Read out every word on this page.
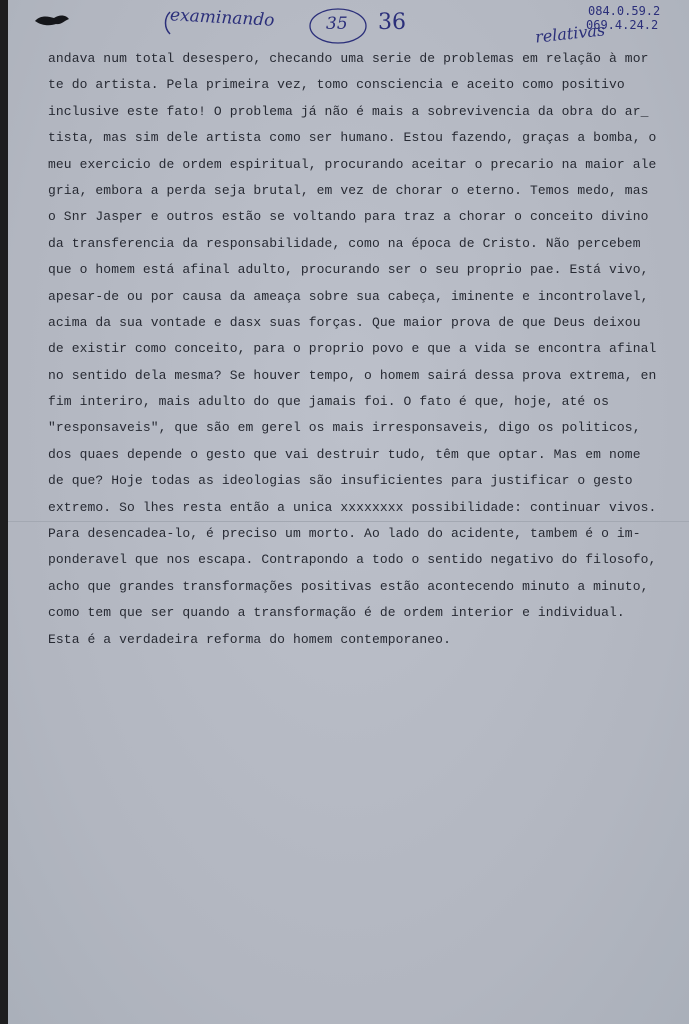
examinando	35 36	084.0.59.2
069.4.24.2
relativas
andava num total desespero, checando uma serie de problemas em relação à mor
te do artista. Pela primeira vez, tomo consciencia e aceito como positivo
inclusive este fato! O problema já não é mais a sobrevivencia da obra do ar_
tista, mas sim dele artista como ser humano. Estou fazendo, graças a bomba, o
meu exercicio de ordem espiritual, procurando aceitar o precario na maior ale
gria, embora a perda seja brutal, em vez de chorar o eterno. Temos medo, mas
o Snr Jasper e outros estão se voltando para traz a chorar o conceito divino
da transferencia da responsabilidade, como na época de Cristo. Não percebem
que o homem está afinal adulto, procurando ser o seu proprio pae. Está vivo,
apesar-de ou por causa da ameaça sobre sua cabeça, iminente e incontrolavel,
acima da sua vontade e dasx suas forças. Que maior prova de que Deus deixou
de existir como conceito, para o proprio povo e que a vida se encontra afinal
no sentido dela mesma? Se houver tempo, o homem sairá dessa prova extrema, en
fim interiro, mais adulto do que jamais foi. O fato é que, hoje, até os
"responsaveis", que são em gerel os mais irresponsaveis, digo os politicos,
dos quaes depende o gesto que vai destruir tudo, têm que optar. Mas em nome
de que? Hoje todas as ideologias são insuficientes para justificar o gesto
extremo. So lhes resta então a unica xxxxxxxx possibilidade: continuar vivos.
Para desencadea-lo, é preciso um morto. Ao lado do acidente, tambem é o im-
ponderavel que nos escapa. Contrapondo a todo o sentido negativo do filosofo,
acho que grandes transformações positivas estão acontecendo minuto a minuto,
como tem que ser quando a transformação é de ordem interior e individual.
Esta é a verdadeira reforma do homem contemporaneo.
